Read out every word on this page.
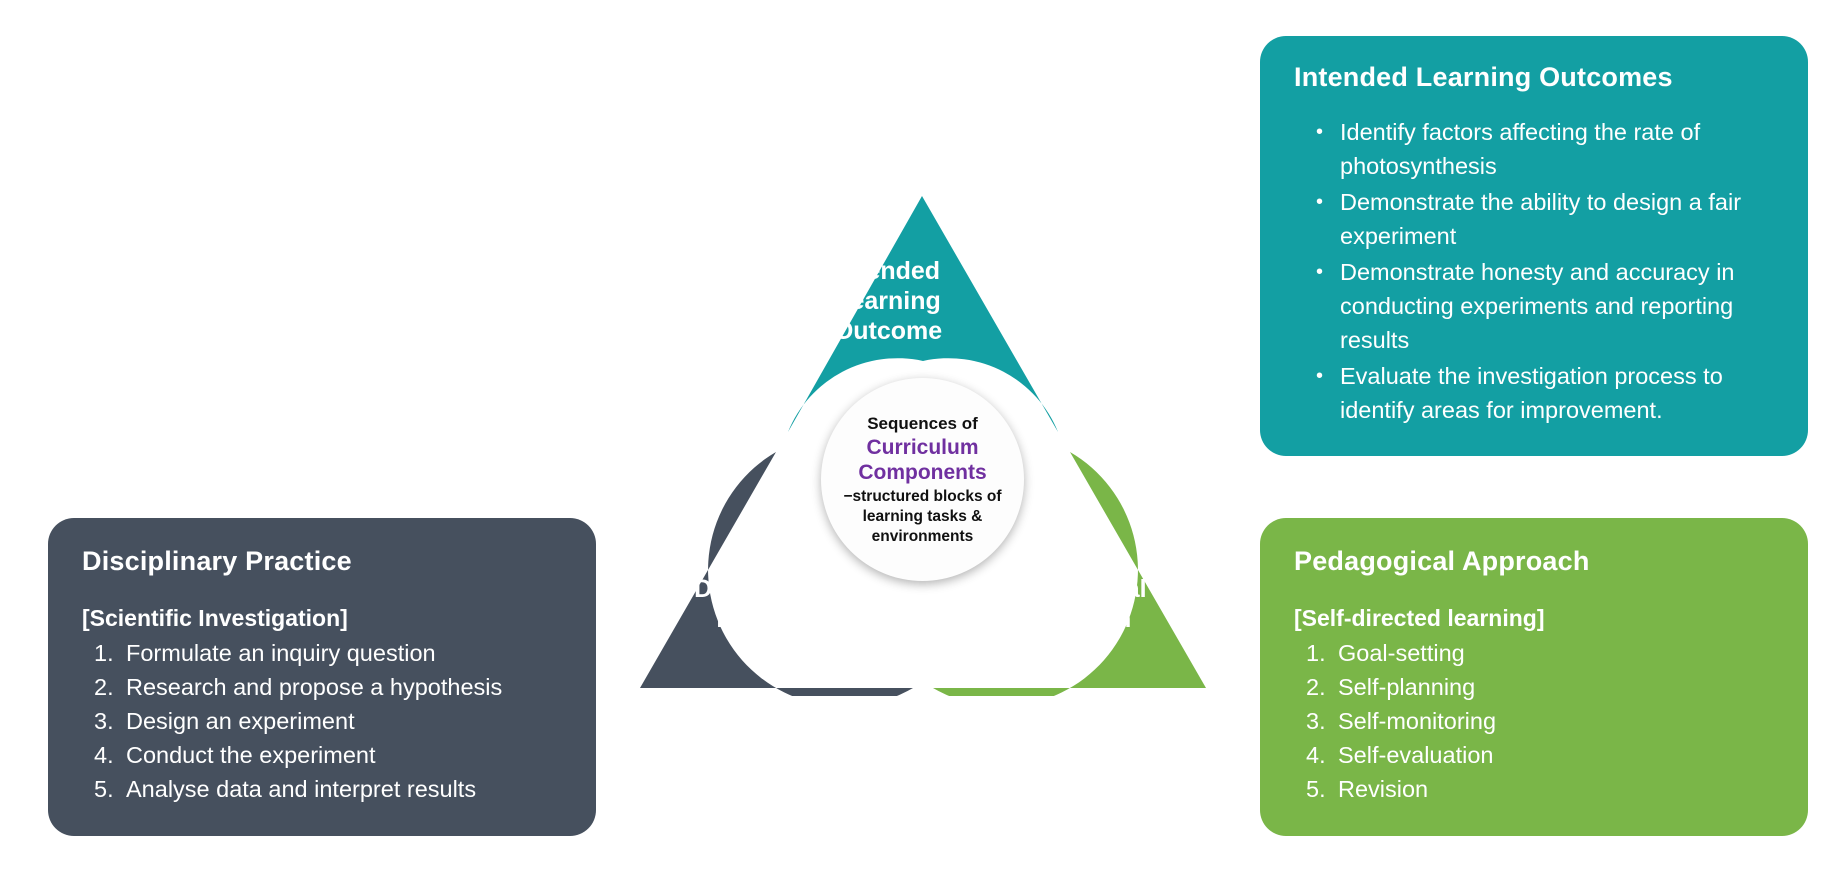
Intended Learning Outcomes
• Identify factors affecting the rate of photosynthesis
• Demonstrate the ability to design a fair experiment
• Demonstrate honesty and accuracy in conducting experiments and reporting results
• Evaluate the investigation process to identify areas for improvement.
Pedagogical Approach
[Self-directed learning]
Goal-setting
Self-planning
Self-monitoring
Self-evaluation
Revision
Disciplinary Practice
[Scientific Investigation]
Formulate an inquiry question
Research and propose a hypothesis
Design an experiment
Conduct the experiment
Analyse data and interpret results
Intended Learning Outcome
Disciplinary Practice
Pedagogical Approach
Sequences of
Curriculum
Components
−structured blocks of learning tasks & environments
